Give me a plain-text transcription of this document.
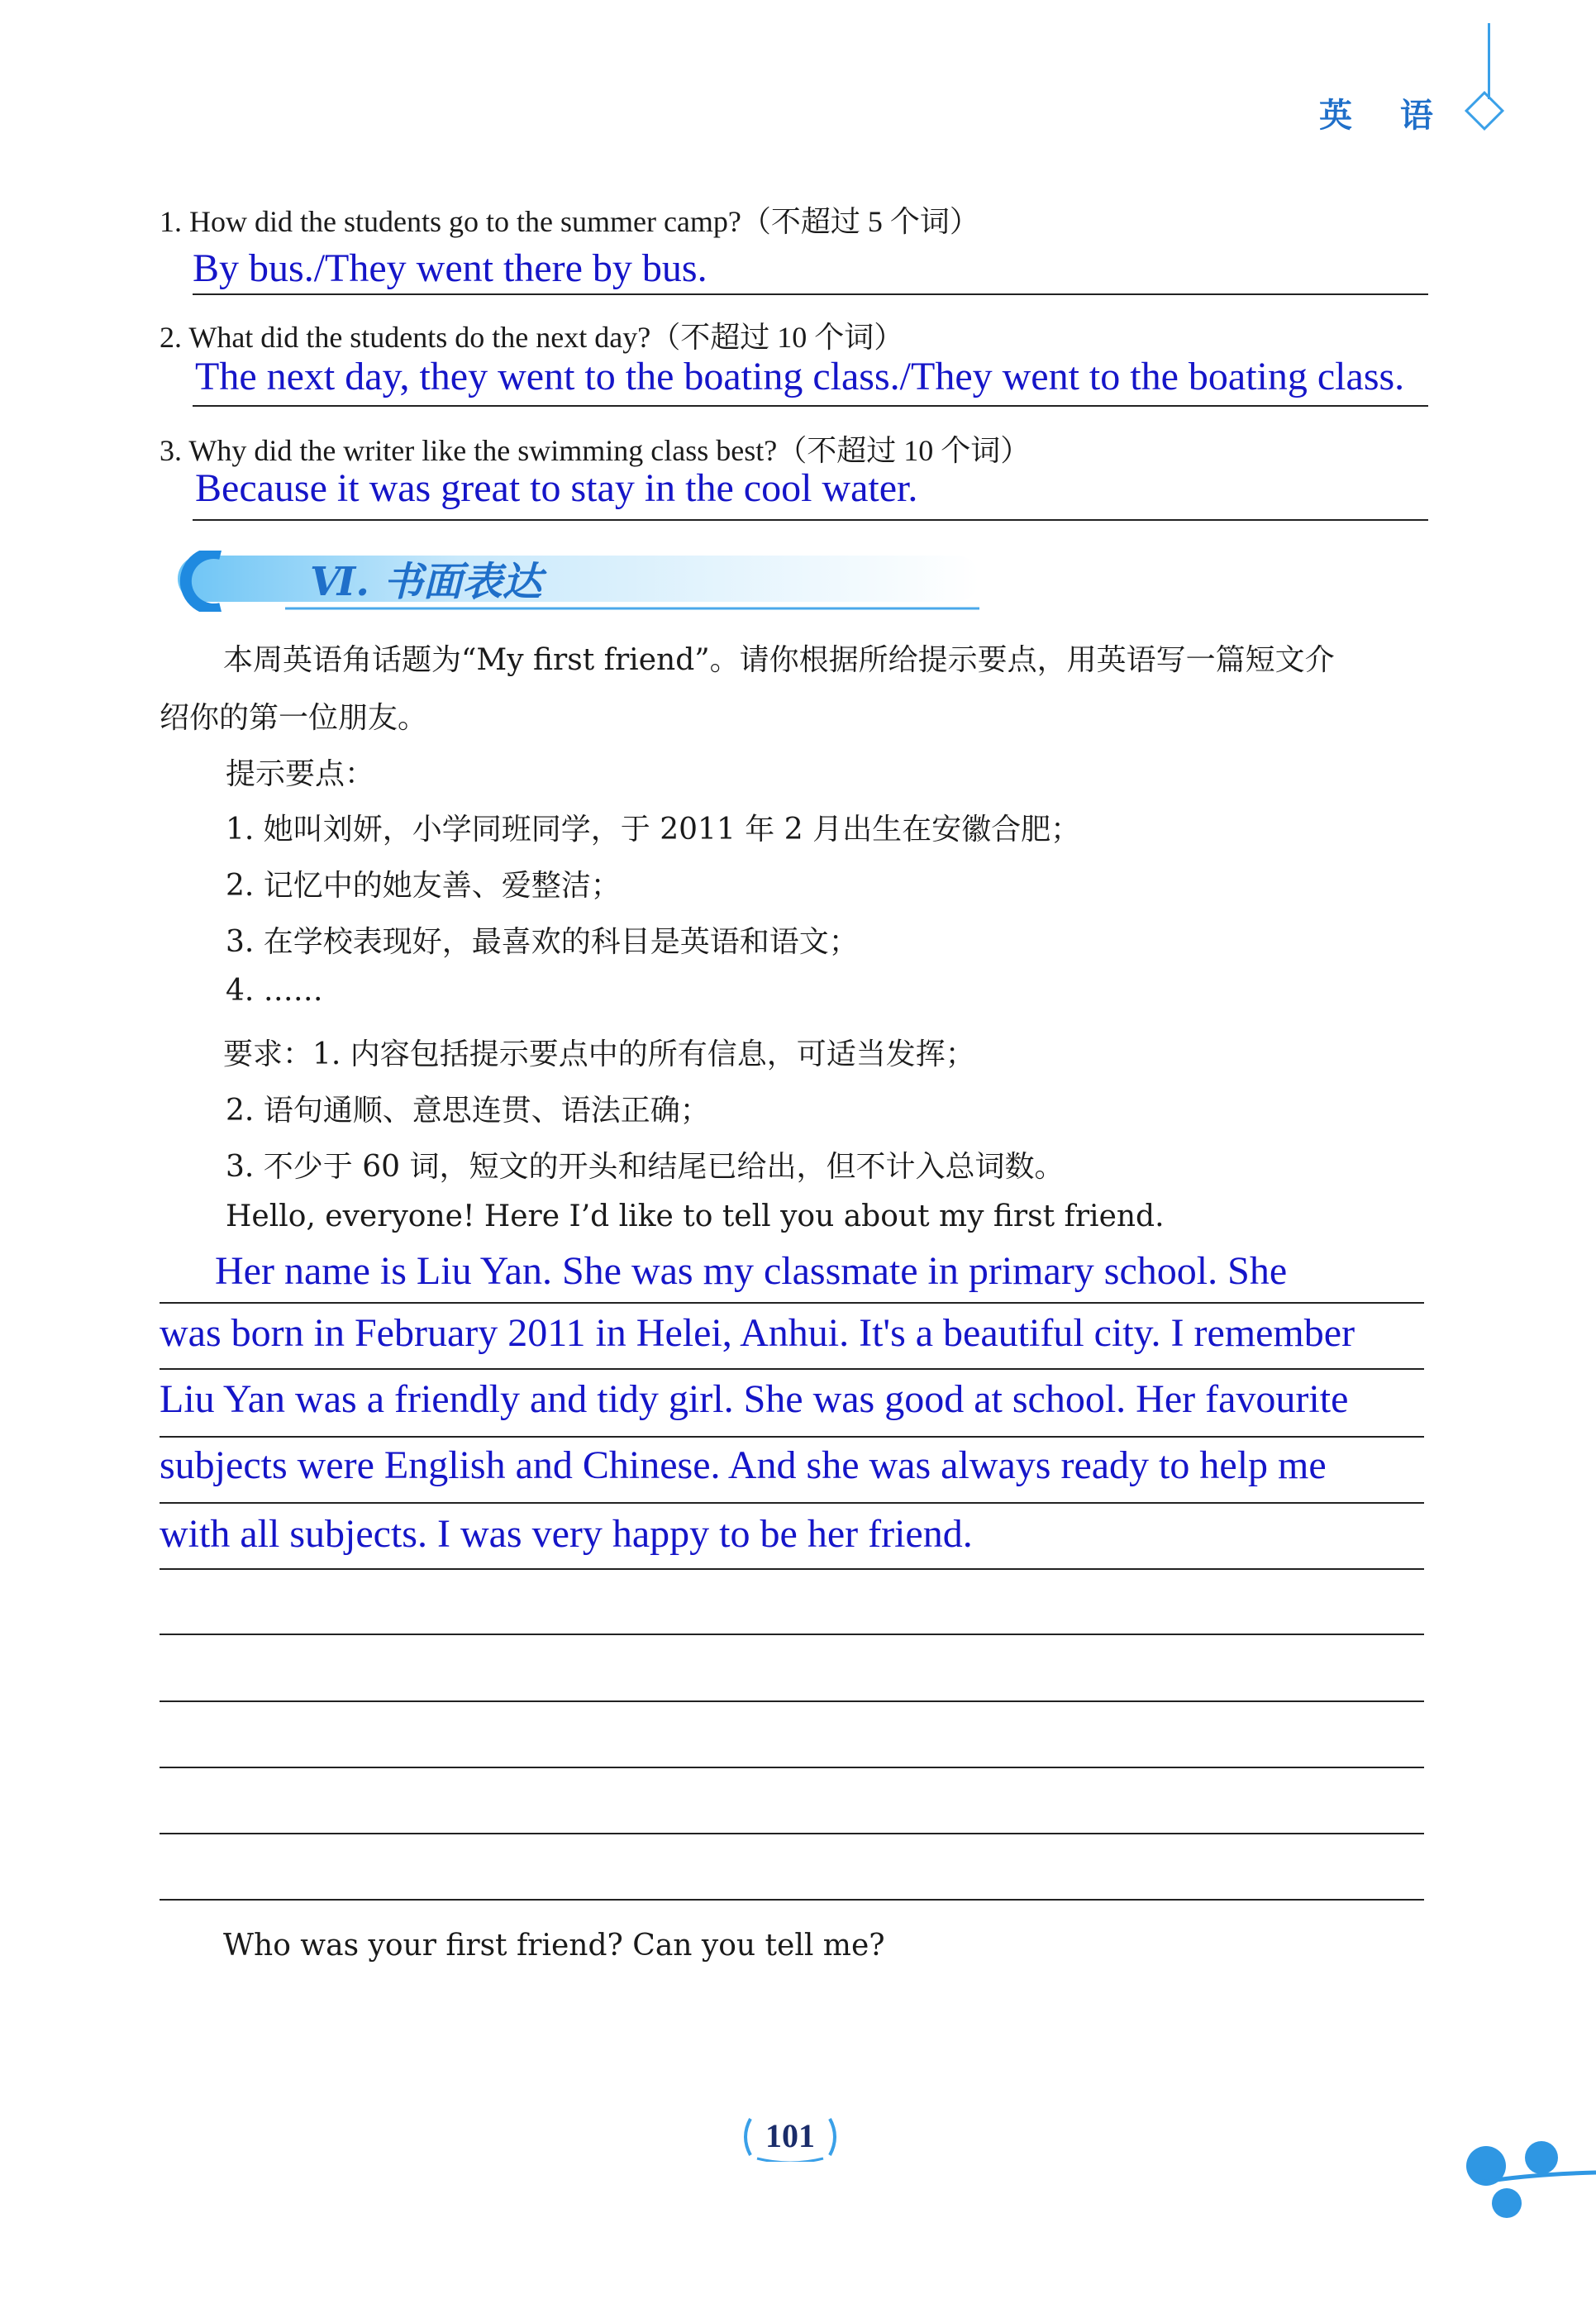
英 语
1. How did the students go to the summer camp?（不超过 5 个词）
By bus./They went there by bus.
2. What did the students do the next day?（不超过 10 个词）
The next day, they went to the boating class./They went to the boating class.
3. Why did the writer like the swimming class best?（不超过 10 个词）
Because it was great to stay in the cool water.
Ⅵ. 书面表达
本周英语角话题为“My first friend”。请你根据所给提示要点，用英语写一篇短文介
绍你的第一位朋友。
提示要点：
1. 她叫刘妍，小学同班同学，于 2011 年 2 月出生在安徽合肥；
2. 记忆中的她友善、爱整洁；
3. 在学校表现好，最喜欢的科目是英语和语文；
4. ……
要求：1. 内容包括提示要点中的所有信息，可适当发挥；
2. 语句通顺、意思连贯、语法正确；
3. 不少于 60 词，短文的开头和结尾已给出，但不计入总词数。
Hello, everyone! Here I’d like to tell you about my first friend.
Her name is Liu Yan. She was my classmate in primary school. She
was born in February 2011 in Helei, Anhui. It's a beautiful city. I remember
Liu Yan was a friendly and tidy girl. She was good at school. Her favourite
subjects were English and Chinese. And she was always ready to help me
with all subjects. I was very happy to be her friend.
Who was your first friend? Can you tell me?
101
